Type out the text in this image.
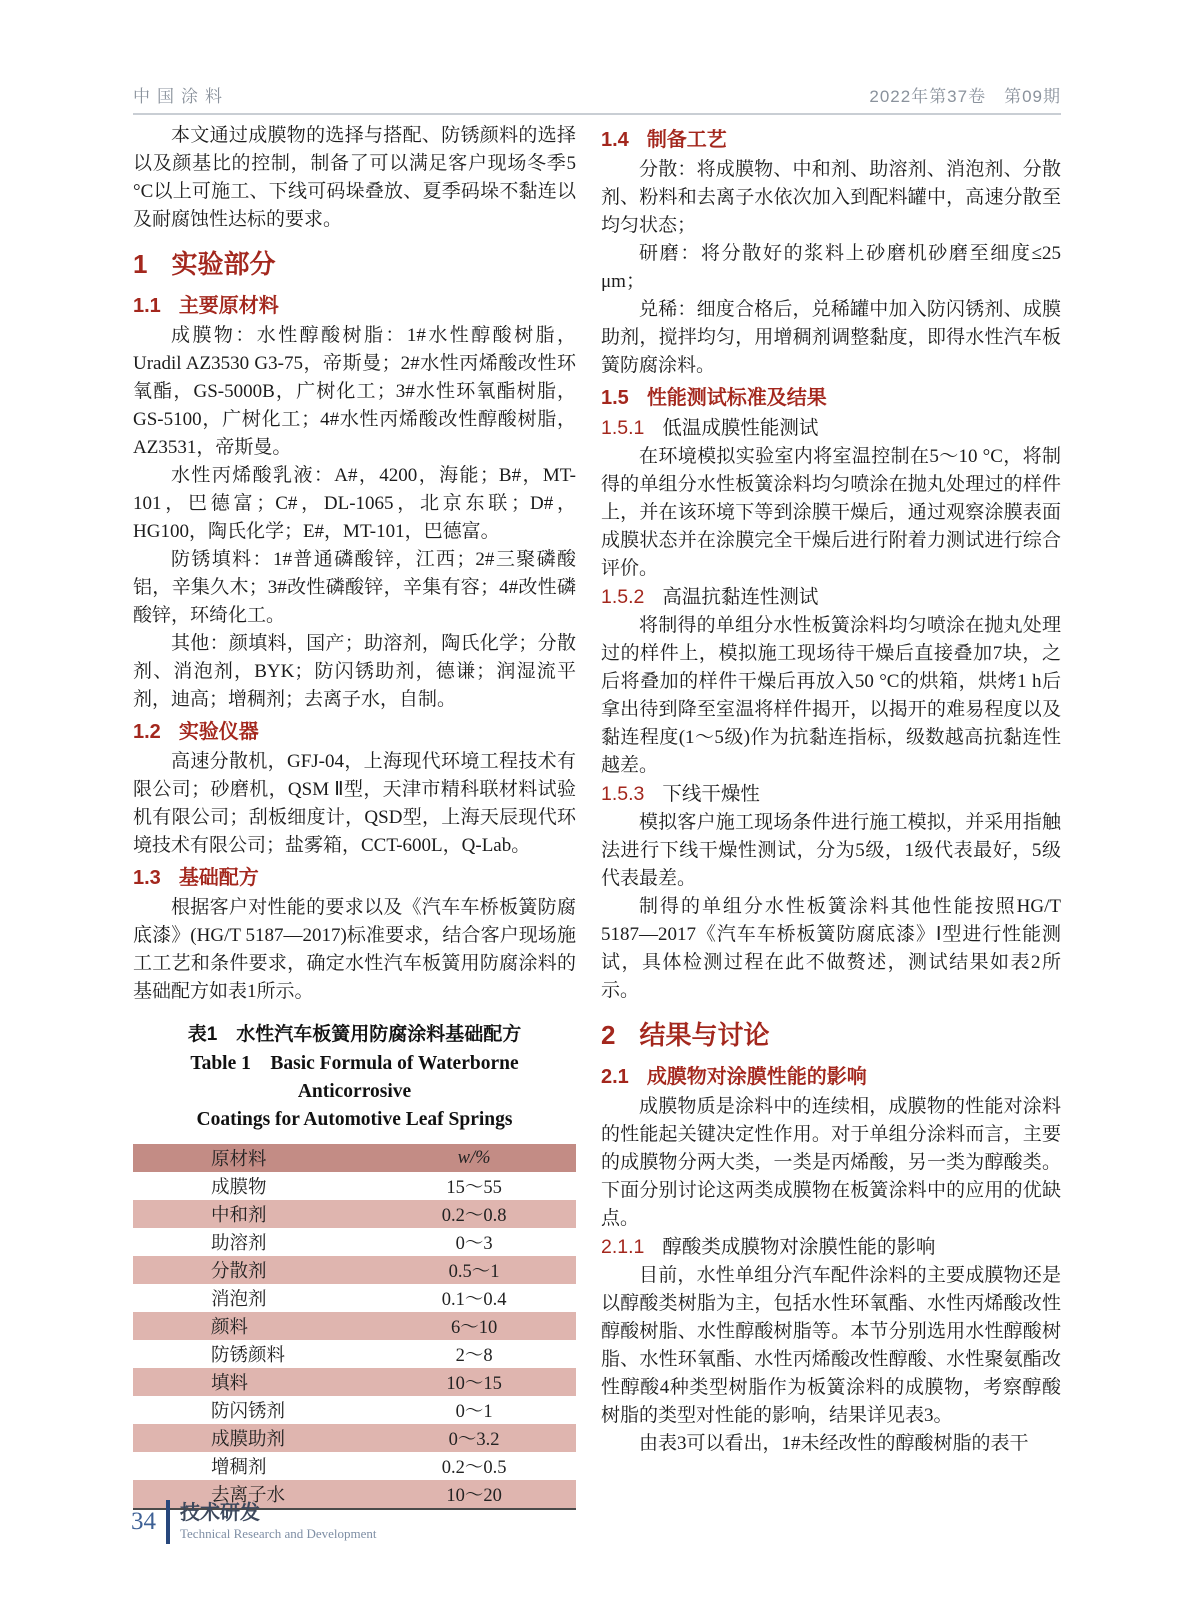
中国涂料	2022年第37卷　第09期

本文通过成膜物的选择与搭配、防锈颜料的选择以及颜基比的控制，制备了可以满足客户现场冬季5 °C以上可施工、下线可码垛叠放、夏季码垛不黏连以及耐腐蚀性达标的要求。

1 实验部分
1.1 主要原材料

成膜物：水性醇酸树脂：1#水性醇酸树脂，Uradil AZ3530 G3-75，帝斯曼；2#水性丙烯酸改性环氧酯，GS-5000B，广树化工；3#水性环氧酯树脂，GS-5100，广树化工；4#水性丙烯酸改性醇酸树脂，AZ3531，帝斯曼。

水性丙烯酸乳液：A#，4200，海能；B#，MT-101，巴德富；C#，DL-1065，北京东联；D#，HG100，陶氏化学；E#，MT-101，巴德富。

防锈填料：1#普通磷酸锌，江西；2#三聚磷酸铝，辛集久木；3#改性磷酸锌，辛集有容；4#改性磷酸锌，环绮化工。

其他：颜填料，国产；助溶剂，陶氏化学；分散剂、消泡剂，BYK；防闪锈助剂，德谦；润湿流平剂，迪高；增稠剂；去离子水，自制。

1.2 实验仪器

高速分散机，GFJ-04，上海现代环境工程技术有限公司；砂磨机，QSM Ⅱ型，天津市精科联材料试验机有限公司；刮板细度计，QSD型，上海天辰现代环境技术有限公司；盐雾箱，CCT-600L，Q-Lab。

1.3 基础配方

根据客户对性能的要求以及《汽车车桥板簧防腐底漆》(HG/T 5187—2017)标准要求，结合客户现场施工工艺和条件要求，确定水性汽车板簧用防腐涂料的基础配方如表1所示。

表1　水性汽车板簧用防腐涂料基础配方
Table 1　Basic Formula of Waterborne Anticorrosive
Coatings for Automotive Leaf Springs
原材料	w/%
成膜物	15～55
中和剂	0.2～0.8
助溶剂	0～3
分散剂	0.5～1
消泡剂	0.1～0.4
颜料	6～10
防锈颜料	2～8
填料	10～15
防闪锈剂	0～1
成膜助剂	0～3.2
增稠剂	0.2～0.5
去离子水	10～20
1.4 制备工艺

分散：将成膜物、中和剂、助溶剂、消泡剂、分散剂、粉料和去离子水依次加入到配料罐中，高速分散至均匀状态；

研磨：将分散好的浆料上砂磨机砂磨至细度≤25 μm；

兑稀：细度合格后，兑稀罐中加入防闪锈剂、成膜助剂，搅拌均匀，用增稠剂调整黏度，即得水性汽车板簧防腐涂料。

1.5 性能测试标准及结果
1.5.1 低温成膜性能测试

在环境模拟实验室内将室温控制在5～10 °C，将制得的单组分水性板簧涂料均匀喷涂在抛丸处理过的样件上，并在该环境下等到涂膜干燥后，通过观察涂膜表面成膜状态并在涂膜完全干燥后进行附着力测试进行综合评价。

1.5.2 高温抗黏连性测试

将制得的单组分水性板簧涂料均匀喷涂在抛丸处理过的样件上，模拟施工现场待干燥后直接叠加7块，之后将叠加的样件干燥后再放入50 °C的烘箱，烘烤1 h后拿出待到降至室温将样件揭开，以揭开的难易程度以及黏连程度(1～5级)作为抗黏连指标，级数越高抗黏连性越差。

1.5.3 下线干燥性

模拟客户施工现场条件进行施工模拟，并采用指触法进行下线干燥性测试，分为5级，1级代表最好，5级代表最差。

制得的单组分水性板簧涂料其他性能按照HG/T 5187—2017《汽车车桥板簧防腐底漆》Ⅰ型进行性能测试，具体检测过程在此不做赘述，测试结果如表2所示。

2 结果与讨论
2.1 成膜物对涂膜性能的影响

成膜物质是涂料中的连续相，成膜物的性能对涂料的性能起关键决定性作用。对于单组分涂料而言，主要的成膜物分两大类，一类是丙烯酸，另一类为醇酸类。下面分别讨论这两类成膜物在板簧涂料中的应用的优缺点。

2.1.1 醇酸类成膜物对涂膜性能的影响

目前，水性单组分汽车配件涂料的主要成膜物还是以醇酸类树脂为主，包括水性环氧酯、水性丙烯酸改性醇酸树脂、水性醇酸树脂等。本节分别选用水性醇酸树脂、水性环氧酯、水性丙烯酸改性醇酸、水性聚氨酯改性醇酸4种类型树脂作为板簧涂料的成膜物，考察醇酸树脂的类型对性能的影响，结果详见表3。

由表3可以看出，1#未经改性的醇酸树脂的表干

34 技术研发
Technical Research and Development
